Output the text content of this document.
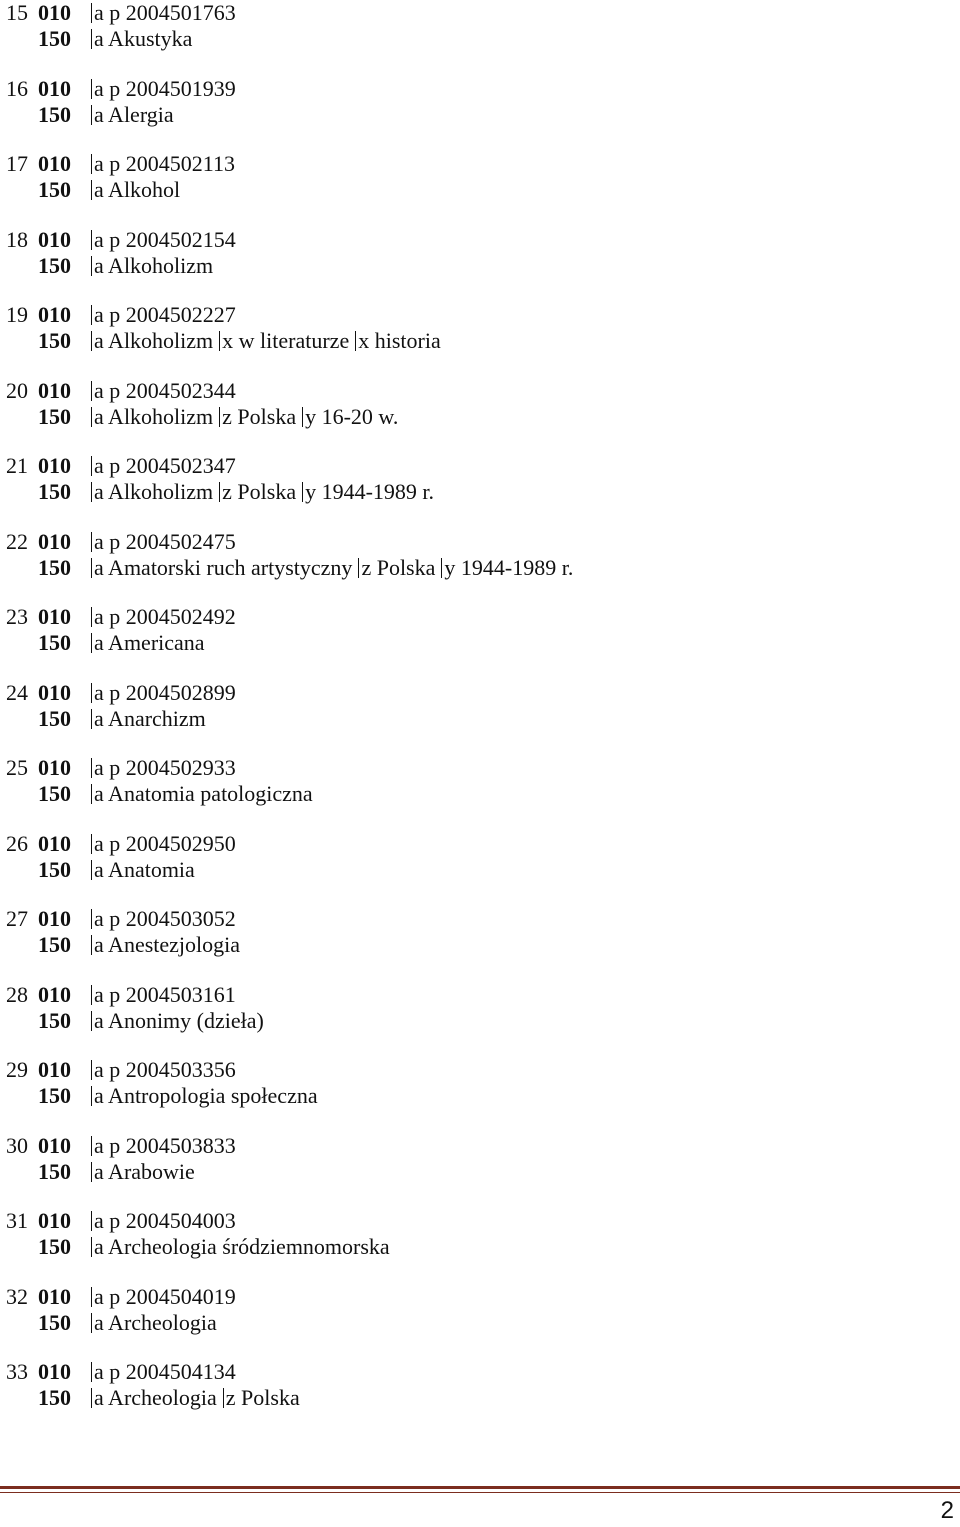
15 010	a p 2004501763
150	a Akustyka
16 010	a p 2004501939
150	a Alergia
17 010	a p 2004502113
150	a Alkohol
18 010	a p 2004502154
150	a Alkoholizm
19 010	a p 2004502227
150	a Alkoholizm x w literaturze x historia
20 010	a p 2004502344
150	a Alkoholizm z Polska y 16-20 w.
21 010	a p 2004502347
150	a Alkoholizm z Polska y 1944-1989 r.
22 010	a p 2004502475
150	a Amatorski ruch artystyczny z Polska y 1944-1989 r.
23 010	a p 2004502492
150	a Americana
24 010	a p 2004502899
150	a Anarchizm
25 010	a p 2004502933
150	a Anatomia patologiczna
26 010	a p 2004502950
150	a Anatomia
27 010	a p 2004503052
150	a Anestezjologia
28 010	a p 2004503161
150	a Anonimy (dzieła)
29 010	a p 2004503356
150	a Antropologia społeczna
30 010	a p 2004503833
150	a Arabowie
31 010	a p 2004504003
150	a Archeologia śródziemnomorska
32 010	a p 2004504019
150	a Archeologia
33 010	a p 2004504134
150	a Archeologia z Polska
2
